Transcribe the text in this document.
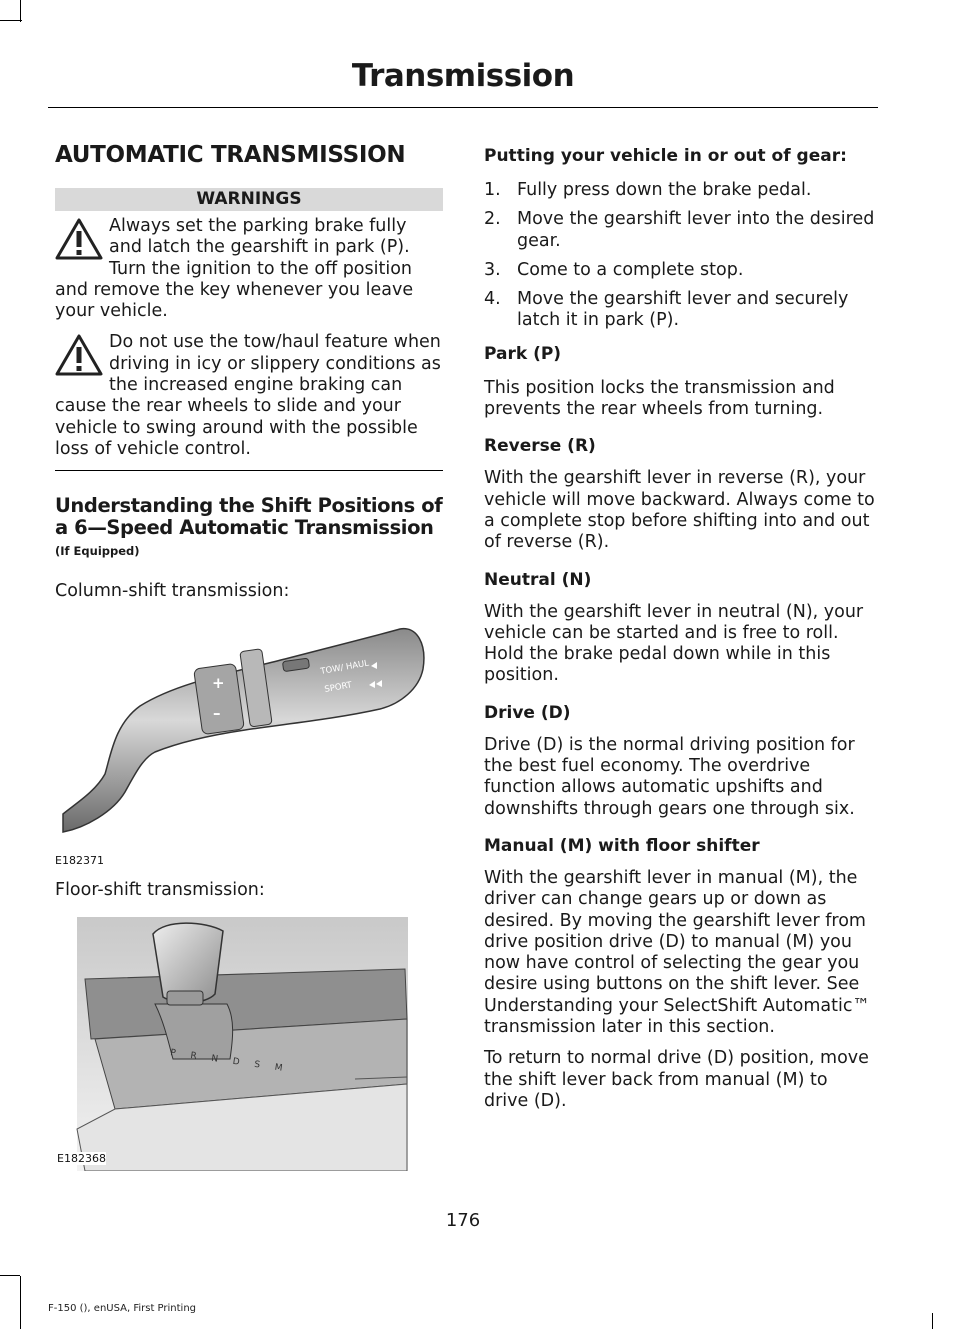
Transmission
AUTOMATIC TRANSMISSION
WARNINGS
Always set the parking brake fully and latch the gearshift in park (P). Turn the ignition to the off position and remove the key whenever you leave your vehicle.
Do not use the tow/haul feature when driving in icy or slippery conditions as the increased engine braking can cause the rear wheels to slide and your vehicle to swing around with the possible loss of vehicle control.
Understanding the Shift Positions of a 6—Speed Automatic Transmission (If Equipped)

Column-shift transmission:

+
–
TOW/ HAUL
SPORT
E182371

Floor-shift transmission:

P R N D S M
E182368
Putting your vehicle in or out of gear:
1. Fully press down the brake pedal.
2. Move the gearshift lever into the desired gear.
3. Come to a complete stop.
4. Move the gearshift lever and securely latch it in park (P).
Park (P)

This position locks the transmission and prevents the rear wheels from turning.

Reverse (R)

With the gearshift lever in reverse (R), your vehicle will move backward. Always come to a complete stop before shifting into and out of reverse (R).

Neutral (N)

With the gearshift lever in neutral (N), your vehicle can be started and is free to roll. Hold the brake pedal down while in this position.

Drive (D)

Drive (D) is the normal driving position for the best fuel economy. The overdrive function allows automatic upshifts and downshifts through gears one through six.

Manual (M) with floor shifter

With the gearshift lever in manual (M), the driver can change gears up or down as desired. By moving the gearshift lever from drive position drive (D) to manual (M) you now have control of selecting the gear you desire using buttons on the shift lever. See Understanding your SelectShift Automatic™ transmission later in this section.

To return to normal drive (D) position, move the shift lever back from manual (M) to drive (D).

176
F-150 (), enUSA, First Printing
